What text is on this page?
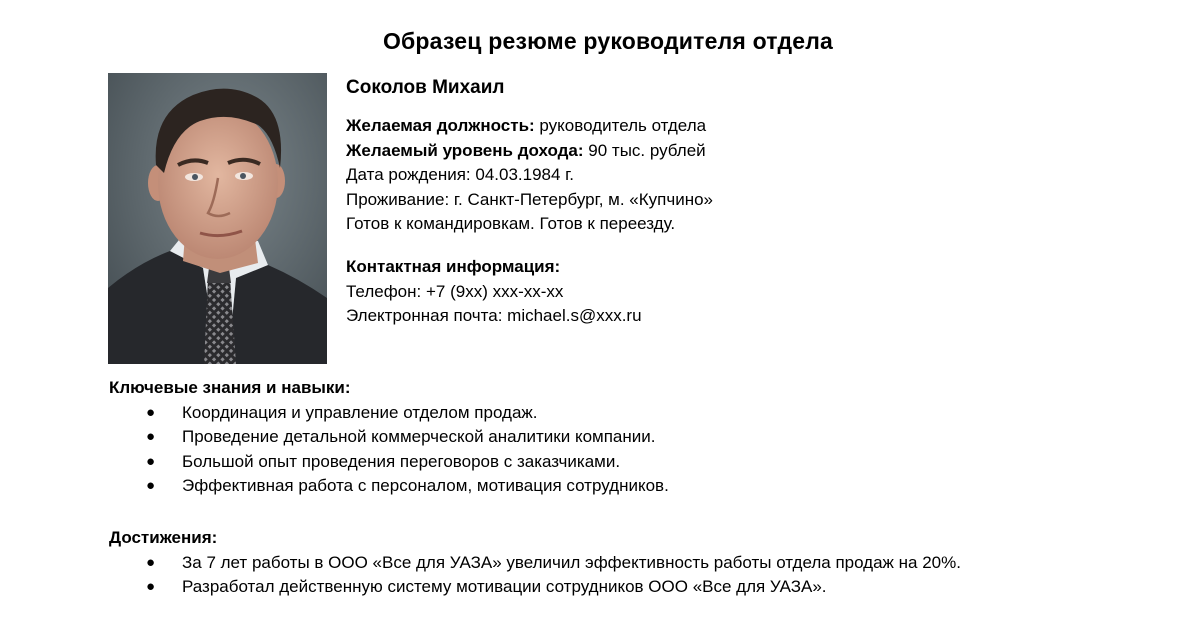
Образец резюме руководителя отдела
Соколов Михаил
Желаемая должность: руководитель отдела
Желаемый уровень дохода: 90 тыс. рублей
Дата рождения: 04.03.1984 г.
Проживание: г. Санкт-Петербург, м. «Купчино»
Готов к командировкам. Готов к переезду.
Контактная информация:
Телефон: +7 (9хх) ххх-хх-хх
Электронная почта: michael.s@xxx.ru
Ключевые знания и навыки:
● Координация и управление отделом продаж.
● Проведение детальной коммерческой аналитики компании.
● Большой опыт проведения переговоров с заказчиками.
● Эффективная работа с персоналом, мотивация сотрудников.
Достижения:
● За 7 лет работы в ООО «Все для УАЗА» увеличил эффективность работы отдела продаж на 20%.
● Разработал действенную систему мотивации сотрудников ООО «Все для УАЗА».
